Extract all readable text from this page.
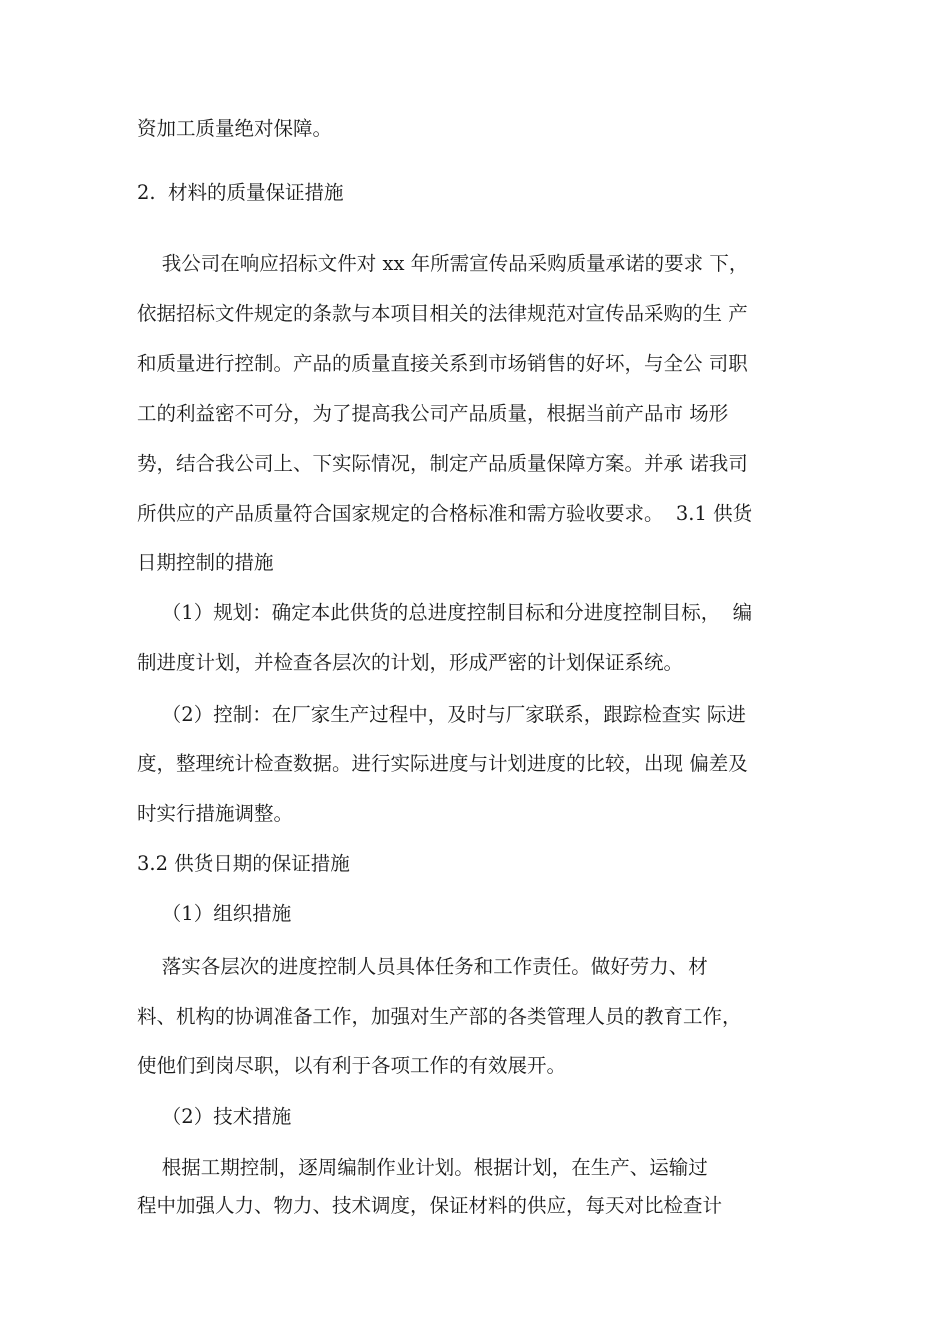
资加工质量绝对保障。

2.  材料的质量保证措施

我公司在响应招标文件对 xx 年所需宣传品采购质量承诺的要求 下，

依据招标文件规定的条款与本项目相关的法律规范对宣传品采购的生 产

和质量进行控制。产品的质量直接关系到市场销售的好坏，与全公 司职

工的利益密不可分，为了提高我公司产品质量，根据当前产品市 场形

势，结合我公司上、下实际情况，制定产品质量保障方案。并承 诺我司

所供应的产品质量符合国家规定的合格标准和需方验收要求。  3.1 供货

日期控制的措施

（1）规划：确定本此供货的总进度控制目标和分进度控制目标，  编

制进度计划，并检查各层次的计划，形成严密的计划保证系统。

（2）控制：在厂家生产过程中，及时与厂家联系，跟踪检查实 际进

度，整理统计检查数据。进行实际进度与计划进度的比较，出现 偏差及

时实行措施调整。

3.2 供货日期的保证措施

（1）组织措施

落实各层次的进度控制人员具体任务和工作责任。做好劳力、材

料、机构的协调准备工作，加强对生产部的各类管理人员的教育工作，

使他们到岗尽职，以有利于各项工作的有效展开。

（2）技术措施

根据工期控制，逐周编制作业计划。根据计划，在生产、运输过

程中加强人力、物力、技术调度，保证材料的供应，每天对比检查计
